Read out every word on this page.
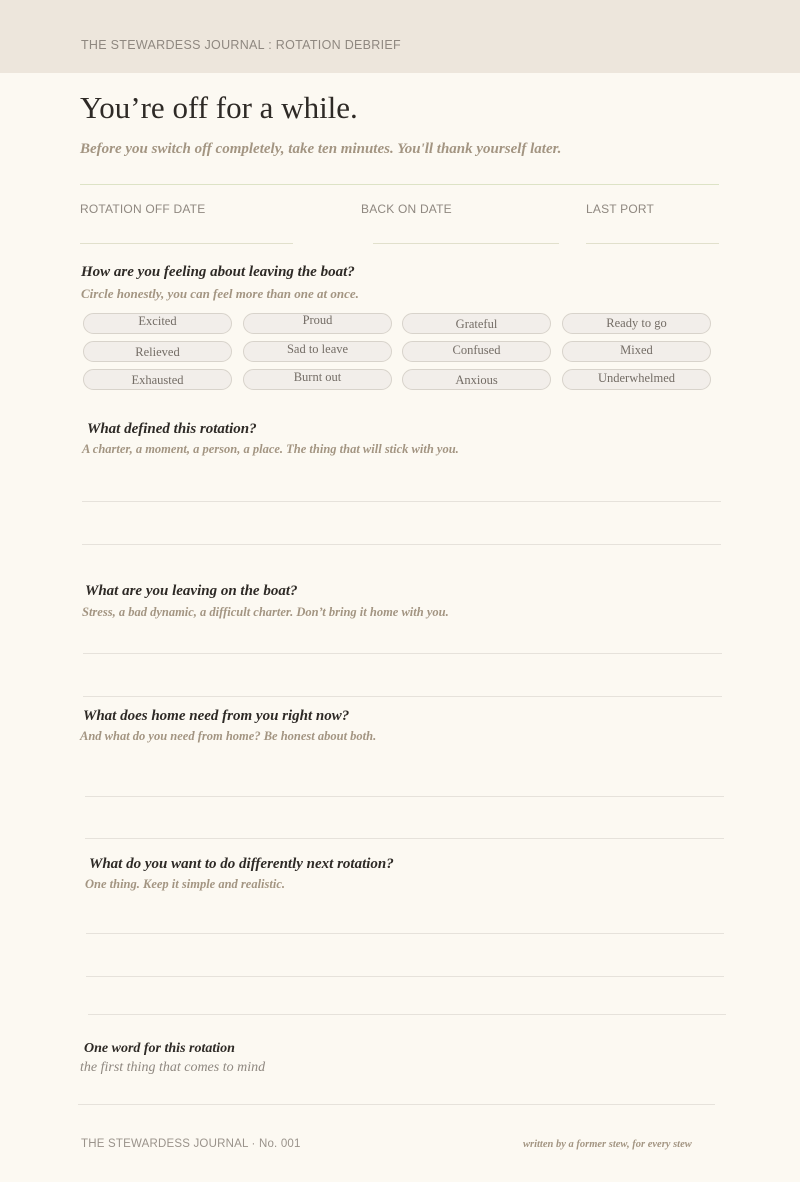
THE STEWARDESS JOURNAL : ROTATION DEBRIEF
You’re off for a while.
Before you switch off completely, take ten minutes. You'll thank yourself later.
ROTATION OFF DATE	BACK ON DATE	LAST PORT
How are you feeling about leaving the boat?
Circle honestly, you can feel more than one at once.
Excited	Proud	Grateful	Ready to go
Relieved	Sad to leave	Confused	Mixed
Exhausted	Burnt out	Anxious	Underwhelmed
What defined this rotation?
A charter, a moment, a person, a place. The thing that will stick with you.
What are you leaving on the boat?
Stress, a bad dynamic, a difficult charter. Don’t bring it home with you.
What does home need from you right now?
And what do you need from home? Be honest about both.
What do you want to do differently next rotation?
One thing. Keep it simple and realistic.
One word for this rotation
the first thing that comes to mind
THE STEWARDESS JOURNAL · No. 001	written by a former stew, for every stew
